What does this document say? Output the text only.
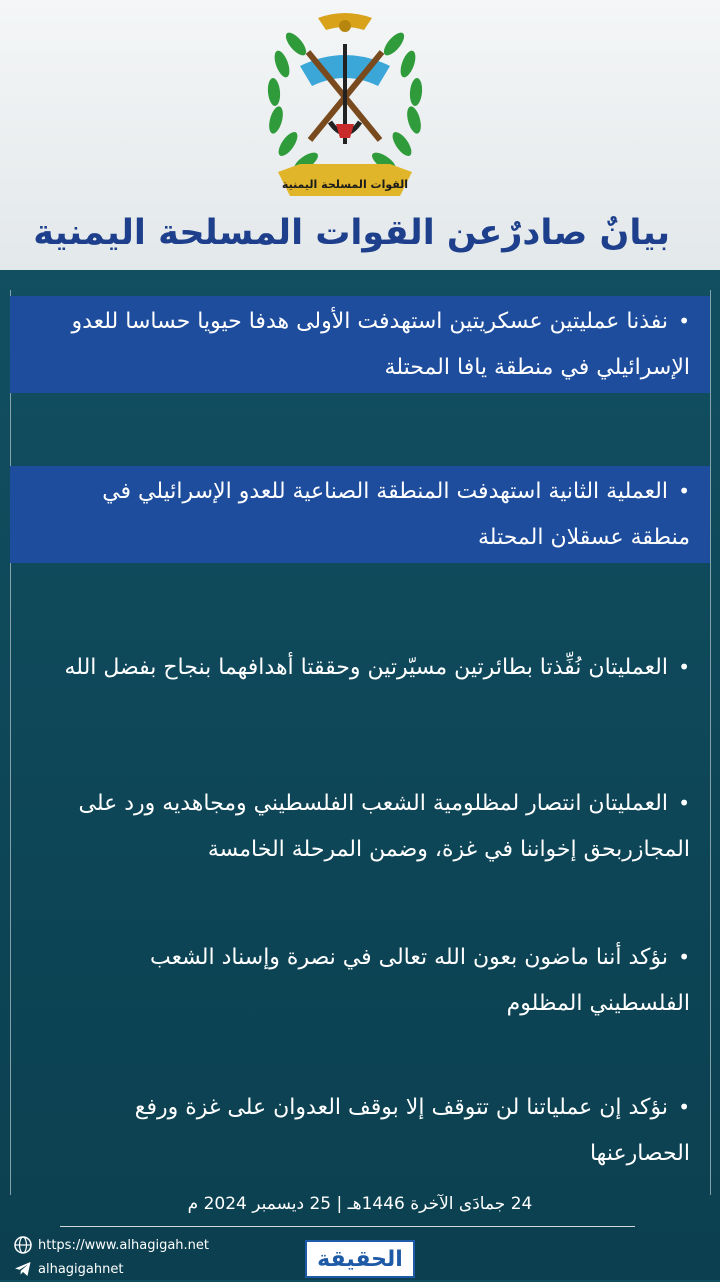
القوات المسلحة اليمنية
بيانٌ صادرٌعن القوات المسلحة اليمنية
•نفذنا عمليتين عسكريتين استهدفت الأولى هدفا حيويا حساسا للعدو الإسرائيلي في منطقة يافا المحتلة
•العملية الثانية استهدفت المنطقة الصناعية للعدو الإسرائيلي في منطقة عسقلان المحتلة
•العمليتان نُفِّذتا بطائرتين مسيّرتين وحققتا أهدافهما بنجاح بفضل الله
•العمليتان انتصار لمظلومية الشعب الفلسطيني ومجاهديه ورد على المجازربحق إخواننا في غزة، وضمن المرحلة الخامسة
•نؤكد أننا ماضون بعون الله تعالى في نصرة وإسناد الشعب الفلسطيني المظلوم
•نؤكد إن عملياتنا لن تتوقف إلا بوقف العدوان على غزة ورفع الحصارعنها
24 جمادَى الآخرة 1446هـ | 25 ديسمبر 2024 م
https://www.alhagigah.net
alhagigahnet	الحقيقة
